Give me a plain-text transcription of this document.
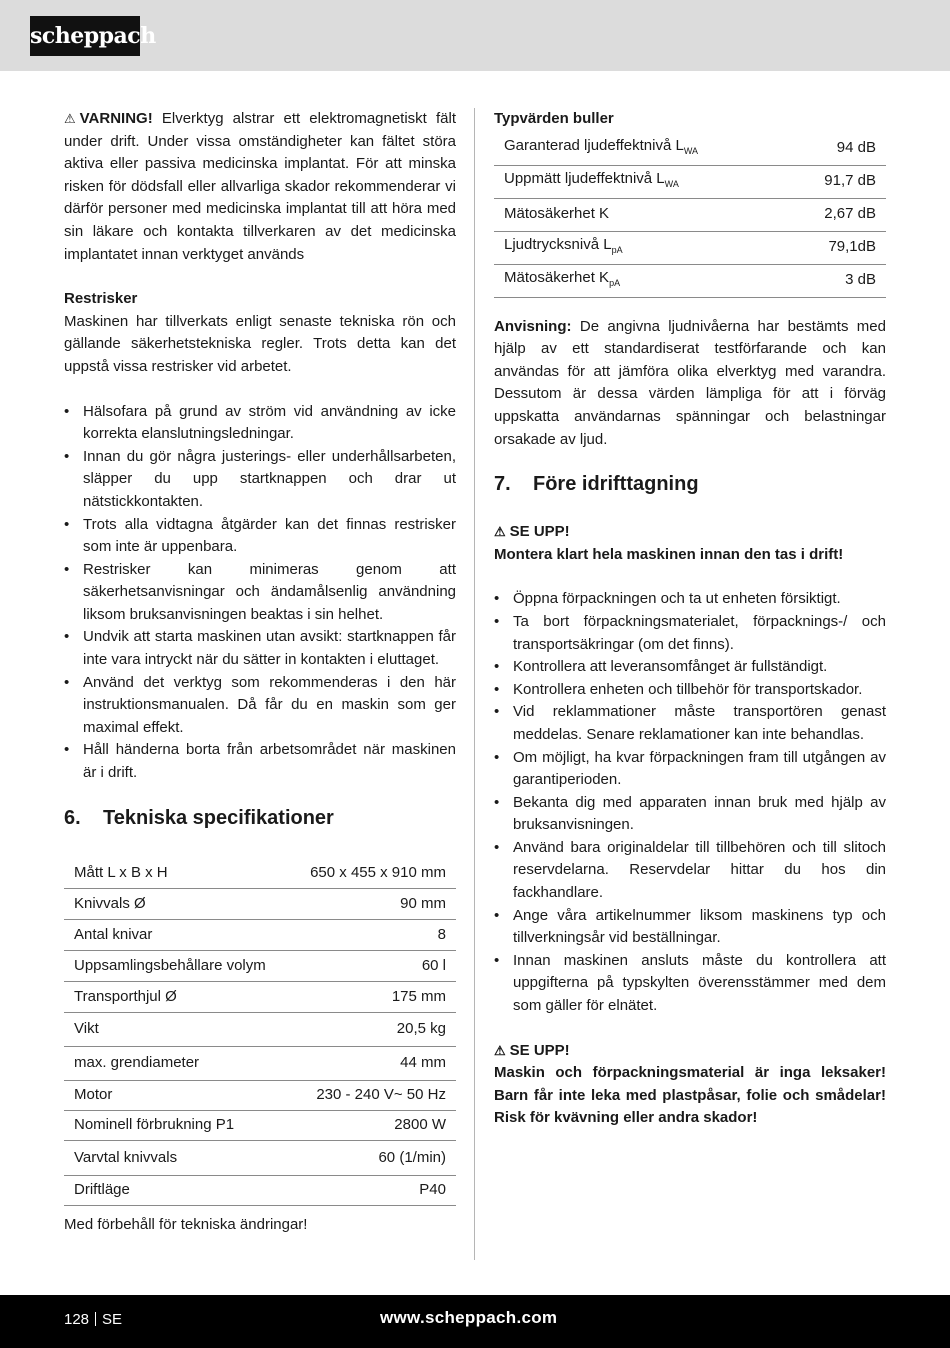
scheppach

⚠ VARNING! Elverktyg alstrar ett elektromagnetiskt fält under drift. Under vissa omständigheter kan fältet störa aktiva eller passiva medicinska implantat. För att minska risken för dödsfall eller allvarliga skador rekommenderar vi därför personer med medicinska implantat till att höra med sin läkare och kontakta tillverkaren av det medicinska implantatet innan verktyget används

Restrisker

Maskinen har tillverkats enligt senaste tekniska rön och gällande säkerhetstekniska regler. Trots detta kan det uppstå vissa restrisker vid arbetet.

• Hälsofara på grund av ström vid användning av icke korrekta elanslutningsledningar.
• Innan du gör några justerings- eller underhållsarbeten, släpper du upp startknappen och drar ut nätstickkontakten.
• Trots alla vidtagna åtgärder kan det finnas restrisker som inte är uppenbara.
• Restrisker kan minimeras genom att säkerhetsanvisningar och ändamålsenlig användning liksom bruksanvisningen beaktas i sin helhet.
• Undvik att starta maskinen utan avsikt: startknappen får inte vara intryckt när du sätter in kontakten i eluttaget.
• Använd det verktyg som rekommenderas i den här instruktionsmanualen. Då får du en maskin som ger maximal effekt.
• Håll händerna borta från arbetsområdet när maskinen är i drift.
6. Tekniska specifikationer
Mått L x B x H	650 x 455 x 910 mm
Knivvals Ø	90 mm
Antal knivar	8
Uppsamlingsbehållare volym	60 l
Transporthjul Ø	175 mm
Vikt	20,5 kg
max. grendiameter	44 mm
Motor	230 - 240 V~ 50 Hz
Nominell förbrukning P1	2800 W
Varvtal knivvals	60 (1/min)
Driftläge	P40
Med förbehåll för tekniska ändringar!
Typvärden buller
Garanterad ljudeffektnivå $L_{WA}$	94 dB
Uppmätt ljudeffektnivå $L_{WA}$	91,7 dB
Mätosäkerhet K	2,67 dB
Ljudtrycksnivå $L_{pA}$	79,1dB
Mätosäkerhet $K_{pA}$	3 dB

Anvisning: De angivna ljudnivåerna har bestämts med hjälp av ett standardiserat testförfarande och kan användas för att jämföra olika elverktyg med varandra. Dessutom är dessa värden lämpliga för att i förväg uppskatta användarnas spänningar och belastningar orsakade av ljud.

7. Före idrifttagning
⚠ SE UPP!
Montera klart hela maskinen innan den tas i drift!
• Öppna förpackningen och ta ut enheten försiktigt.
• Ta bort förpackningsmaterialet, förpacknings-/ och transportsäkringar (om det finns).
• Kontrollera att leveransomfånget är fullständigt.
• Kontrollera enheten och tillbehör för transportskador.
• Vid reklammationer måste transportören genast meddelas. Senare reklamationer kan inte behandlas.
• Om möjligt, ha kvar förpackningen fram till utgången av garantiperioden.
• Bekanta dig med apparaten innan bruk med hjälp av bruksanvisningen.
• Använd bara originaldelar till tillbehören och till slitoch reservdelarna. Reservdelar hittar du hos din fackhandlare.
• Ange våra artikelnummer liksom maskinens typ och tillverkningsår vid beställningar.
• Innan maskinen ansluts måste du kontrollera att uppgifterna på typskylten överensstämmer med dem som gäller för elnätet.
⚠ SE UPP!

Maskin och förpackningsmaterial är inga leksaker! Barn får inte leka med plastpåsar, folie och smådelar! Risk för kvävning eller andra skador!

128 SE	www.scheppach.com
